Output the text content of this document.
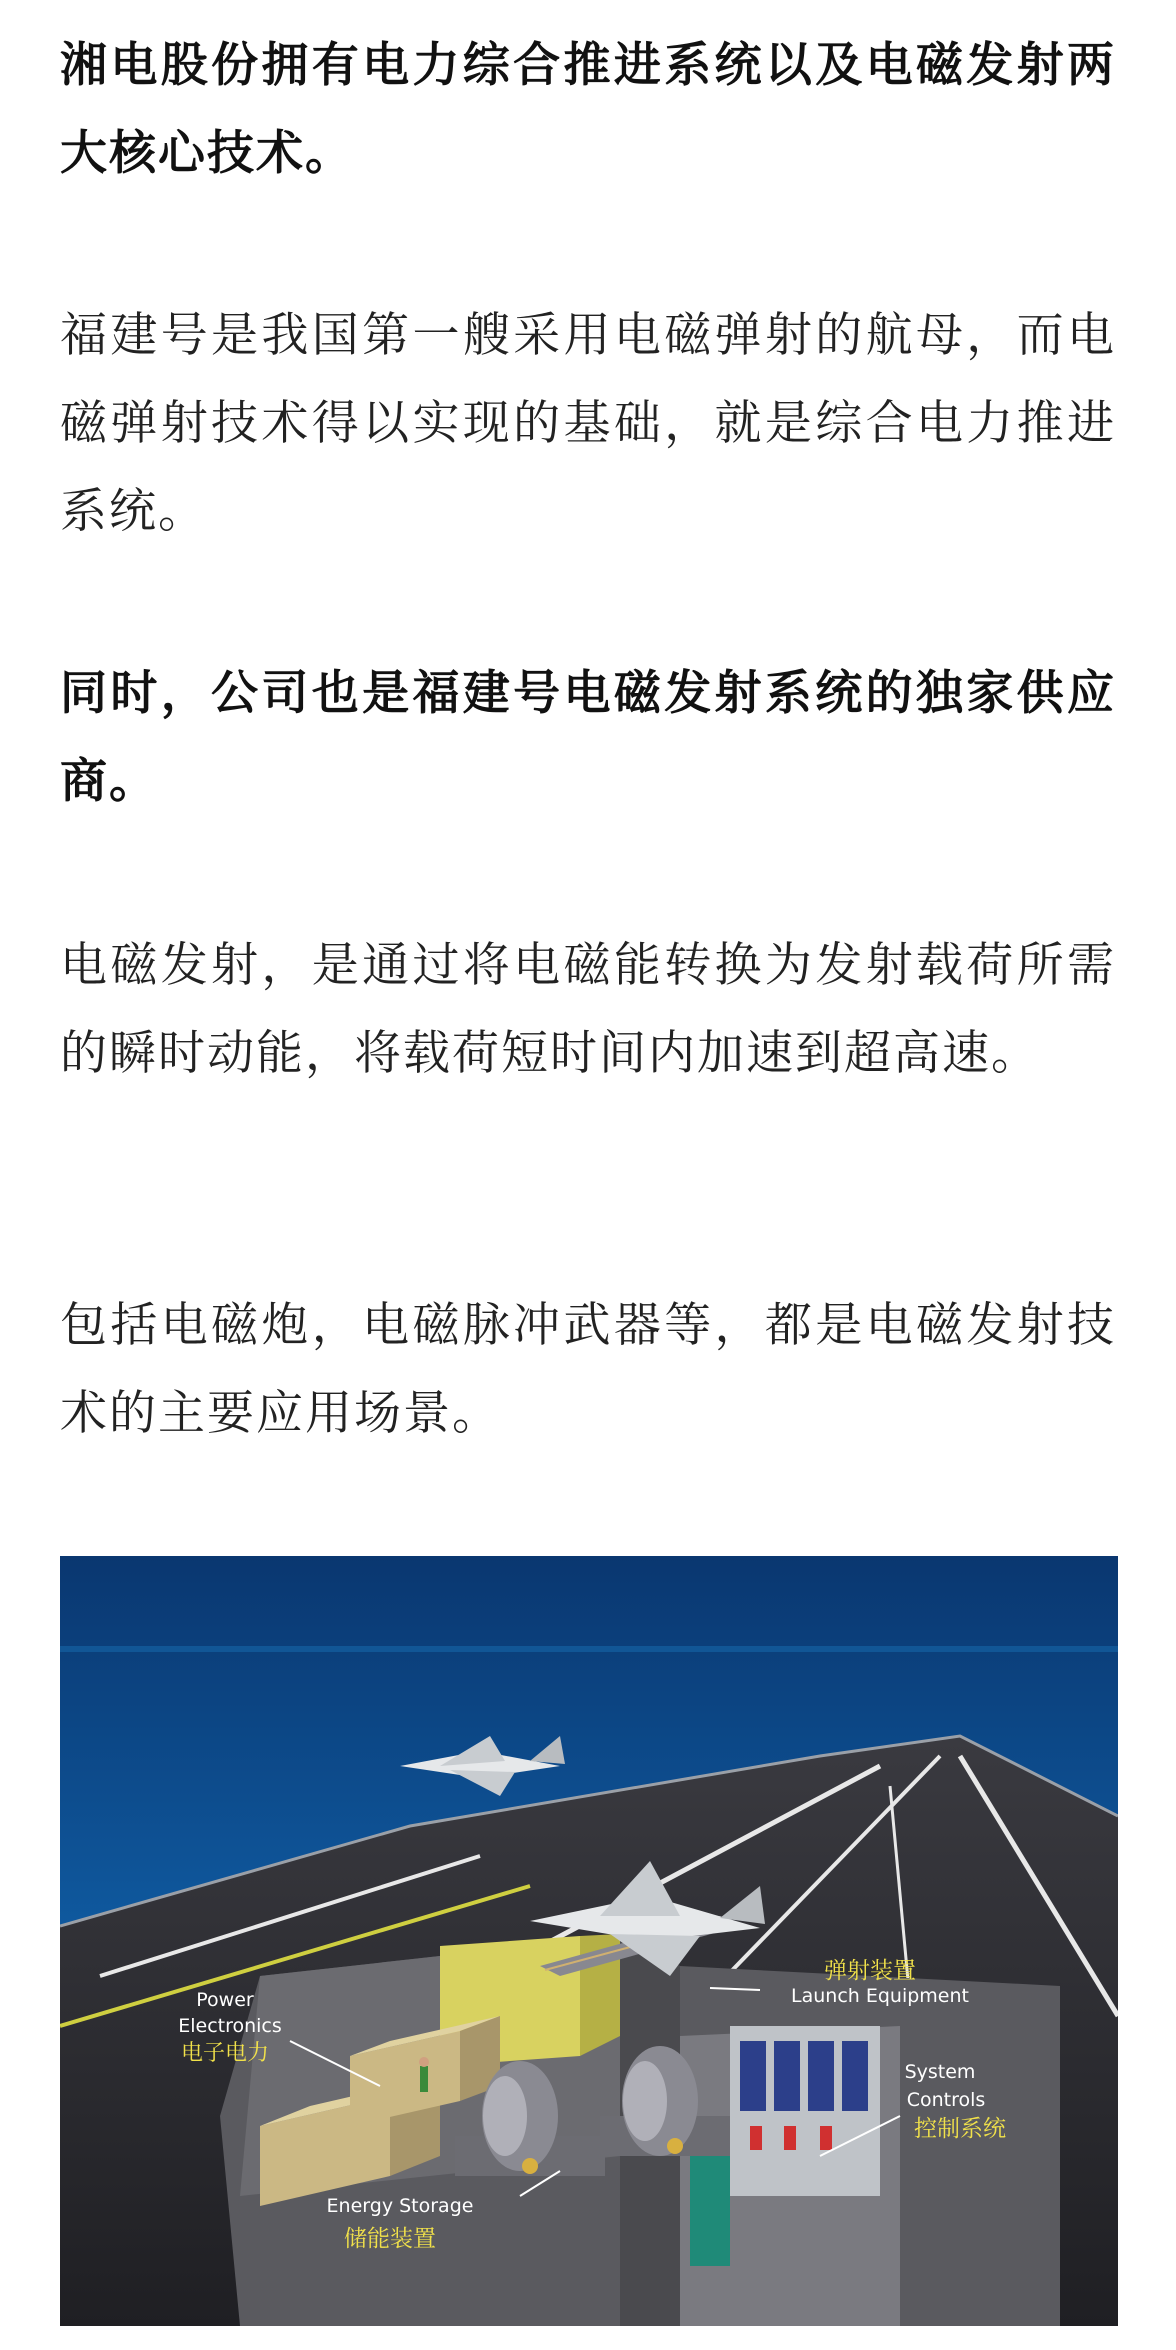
湘电股份拥有电力综合推进系统以及电磁发射两大核心技术。

福建号是我国第一艘采用电磁弹射的航母，而电磁弹射技术得以实现的基础，就是综合电力推进系统。

同时，公司也是福建号电磁发射系统的独家供应商。

电磁发射，是通过将电磁能转换为发射载荷所需的瞬时动能，将载荷短时间内加速到超高速。

包括电磁炮，电磁脉冲武器等，都是电磁发射技术的主要应用场景。

Power
Electronics
电子电力
弹射装置
Launch Equipment
System
Controls
控制系统
Energy Storage
储能装置
